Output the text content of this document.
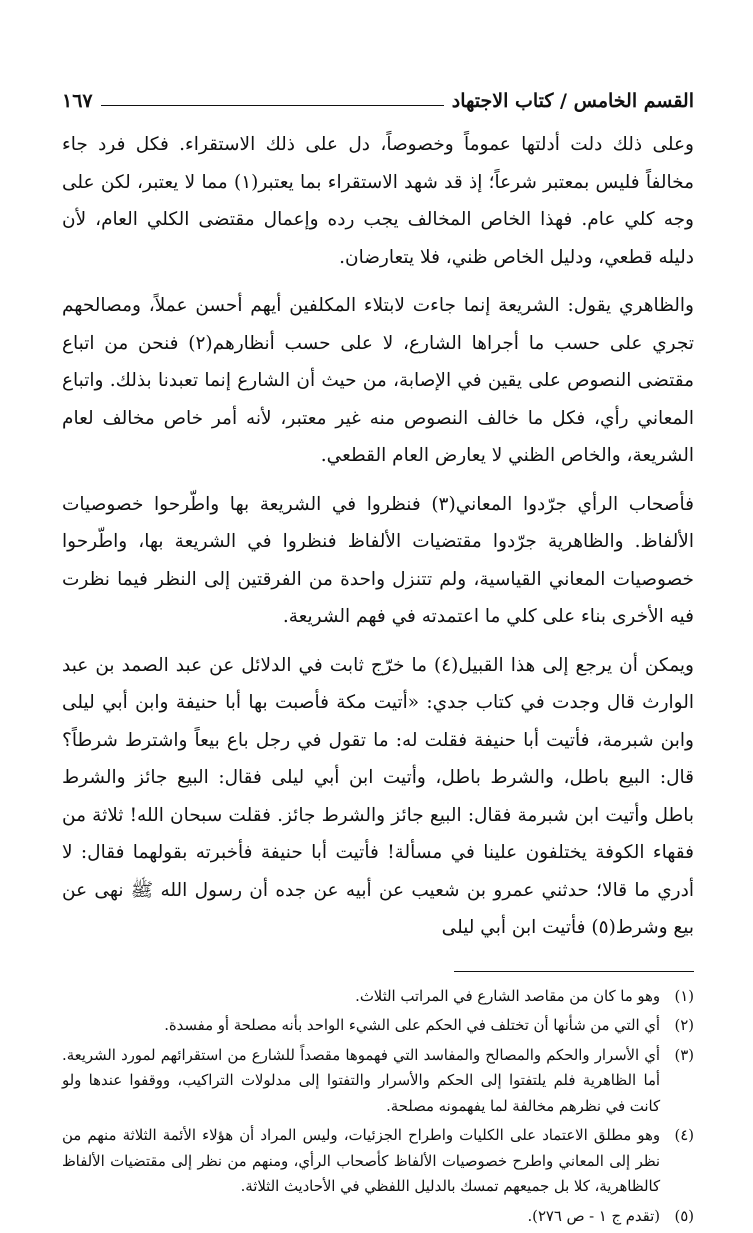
القسم الخامس / كتاب الاجتهاد
١٦٧

وعلى ذلك دلت أدلتها عموماً وخصوصاً، دل على ذلك الاستقراء. فكل فرد جاء مخالفاً فليس بمعتبر شرعاً؛ إذ قد شهد الاستقراء بما يعتبر(١) مما لا يعتبر، لكن على وجه كلي عام. فهذا الخاص المخالف يجب رده وإعمال مقتضى الكلي العام، لأن دليله قطعي، ودليل الخاص ظني، فلا يتعارضان.

والظاهري يقول: الشريعة إنما جاءت لابتلاء المكلفين أيهم أحسن عملاً، ومصالحهم تجري على حسب ما أجراها الشارع، لا على حسب أنظارهم(٢) فنحن من اتباع مقتضى النصوص على يقين في الإصابة، من حيث أن الشارع إنما تعبدنا بذلك. واتباع المعاني رأي، فكل ما خالف النصوص منه غير معتبر، لأنه أمر خاص مخالف لعام الشريعة، والخاص الظني لا يعارض العام القطعي.

فأصحاب الرأي جرّدوا المعاني(٣) فنظروا في الشريعة بها واطّرحوا خصوصيات الألفاظ. والظاهرية جرّدوا مقتضيات الألفاظ فنظروا في الشريعة بها، واطّرحوا خصوصيات المعاني القياسية، ولم تتنزل واحدة من الفرقتين إلى النظر فيما نظرت فيه الأخرى بناء على كلي ما اعتمدته في فهم الشريعة.

ويمكن أن يرجع إلى هذا القبيل(٤) ما خرّج ثابت في الدلائل عن عبد الصمد بن عبد الوارث قال وجدت في كتاب جدي: «أتيت مكة فأصبت بها أبا حنيفة وابن أبي ليلى وابن شبرمة، فأتيت أبا حنيفة فقلت له: ما تقول في رجل باع بيعاً واشترط شرطاً؟ قال: البيع باطل، والشرط باطل، وأتيت ابن أبي ليلى فقال: البيع جائز والشرط باطل وأتيت ابن شبرمة فقال: البيع جائز والشرط جائز. فقلت سبحان الله! ثلاثة من فقهاء الكوفة يختلفون علينا في مسألة! فأتيت أبا حنيفة فأخبرته بقولهما فقال: لا أدري ما قالا؛ حدثني عمرو بن شعيب عن أبيه عن جده أن رسول الله ﷺ نهى عن بيع وشرط(٥) فأتيت ابن أبي ليلى

(١)
وهو ما كان من مقاصد الشارع في المراتب الثلاث.
(٢)
أي التي من شأنها أن تختلف في الحكم على الشيء الواحد بأنه مصلحة أو مفسدة.
(٣)
أي الأسرار والحكم والمصالح والمفاسد التي فهموها مقصداً للشارع من استقرائهم لمورد الشريعة. أما الظاهرية فلم يلتفتوا إلى الحكم والأسرار والتفتوا إلى مدلولات التراكيب، ووقفوا عندها ولو كانت في نظرهم مخالفة لما يفهمونه مصلحة.
(٤)
وهو مطلق الاعتماد على الكليات واطراح الجزئيات، وليس المراد أن هؤلاء الأئمة الثلاثة منهم من نظر إلى المعاني واطرح خصوصيات الألفاظ كأصحاب الرأي، ومنهم من نظر إلى مقتضيات الألفاظ كالظاهرية، كلا بل جميعهم تمسك بالدليل اللفظي في الأحاديث الثلاثة.
(٥)
(تقدم ج ١ - ص ٢٧٦).
